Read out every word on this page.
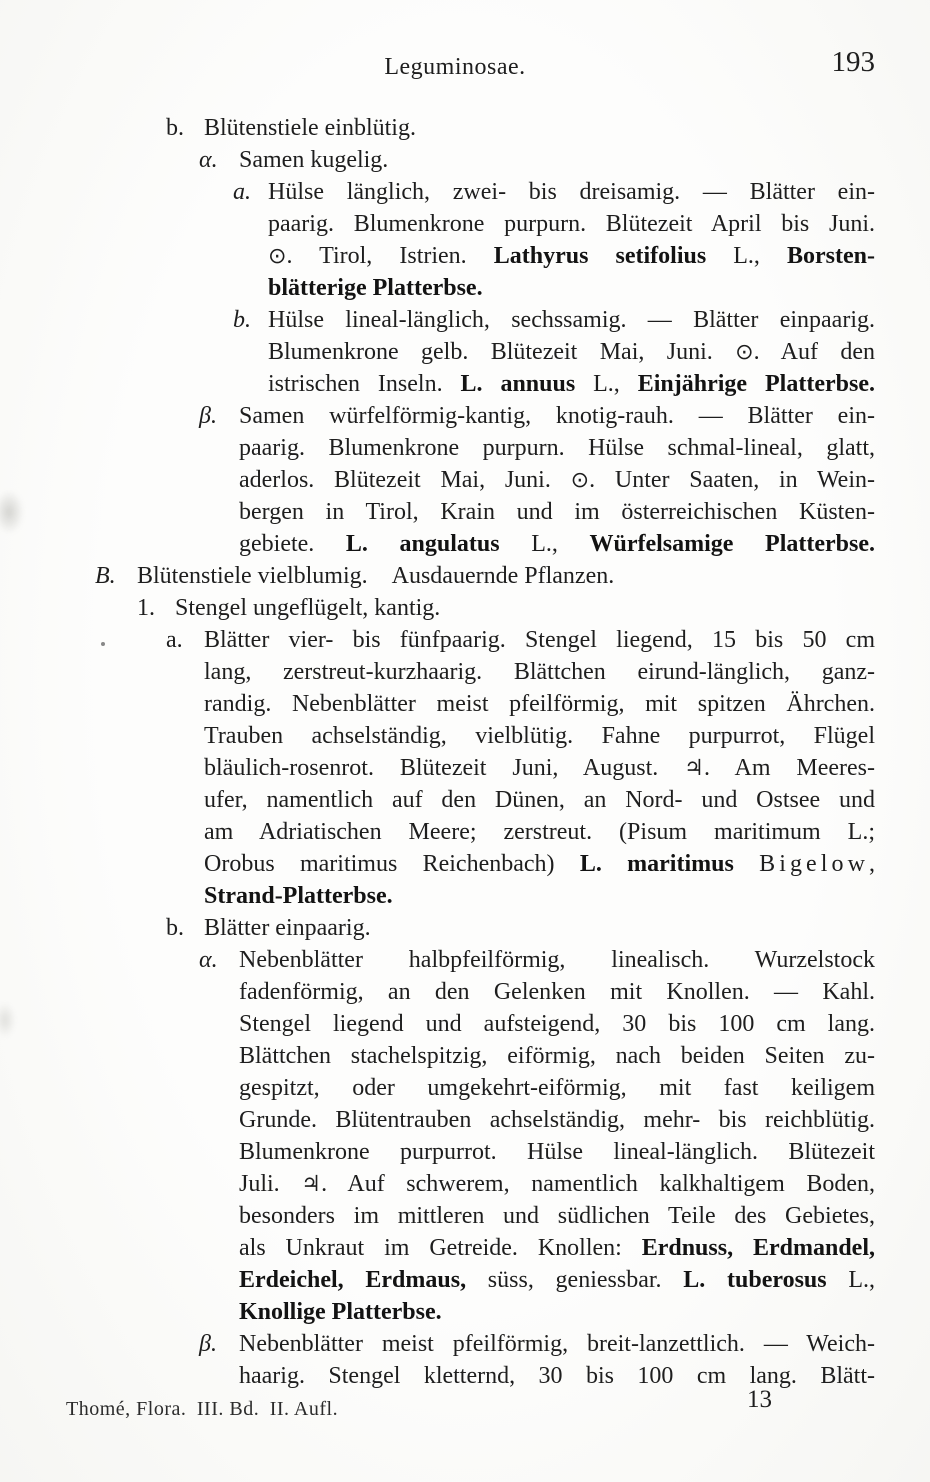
Leguminosae.	193
b. Blütenstiele einblütig.
α. Samen kugelig.
a. Hülse länglich, zwei- bis dreisamig. — Blätter ein-
paarig. Blumenkrone purpurn. Blütezeit April bis Juni.
⊙. Tirol, Istrien. Lathyrus setifolius L., Borsten-
blätterige Platterbse.
b. Hülse lineal-länglich, sechssamig. — Blätter einpaarig.
Blumenkrone gelb. Blütezeit Mai, Juni. ⊙. Auf den
istrischen Inseln. L. annuus L., Einjährige Platterbse.
β. Samen würfelförmig-kantig, knotig-rauh. — Blätter ein-
paarig. Blumenkrone purpurn. Hülse schmal-lineal, glatt,
aderlos. Blütezeit Mai, Juni. ⊙. Unter Saaten, in Wein-
bergen in Tirol, Krain und im österreichischen Küsten-
gebiete. L. angulatus L., Würfelsamige Platterbse.
B. Blütenstiele vielblumig. Ausdauernde Pflanzen.
1. Stengel ungeflügelt, kantig.
a. Blätter vier- bis fünfpaarig. Stengel liegend, 15 bis 50 cm
lang, zerstreut-kurzhaarig. Blättchen eirund-länglich, ganz-
randig. Nebenblätter meist pfeilförmig, mit spitzen Ährchen.
Trauben achselständig, vielblütig. Fahne purpurrot, Flügel
bläulich-rosenrot. Blütezeit Juni, August. ♃. Am Meeres-
ufer, namentlich auf den Dünen, an Nord- und Ostsee und
am Adriatischen Meere; zerstreut. (Pisum maritimum L.;
Orobus maritimus Reichenbach) L. maritimus Bigelow,
Strand-Platterbse.
b. Blätter einpaarig.
α. Nebenblätter halbpfeilförmig, linealisch. Wurzelstock
fadenförmig, an den Gelenken mit Knollen. — Kahl.
Stengel liegend und aufsteigend, 30 bis 100 cm lang.
Blättchen stachelspitzig, eiförmig, nach beiden Seiten zu-
gespitzt, oder umgekehrt-eiförmig, mit fast keiligem
Grunde. Blütentrauben achselständig, mehr- bis reichblütig.
Blumenkrone purpurrot. Hülse lineal-länglich. Blütezeit
Juli. ♃. Auf schwerem, namentlich kalkhaltigem Boden,
besonders im mittleren und südlichen Teile des Gebietes,
als Unkraut im Getreide. Knollen: Erdnuss, Erdmandel,
Erdeichel, Erdmaus, süss, geniessbar. L. tuberosus L.,
Knollige Platterbse.
β. Nebenblätter meist pfeilförmig, breit-lanzettlich. — Weich-
haarig. Stengel kletternd, 30 bis 100 cm lang. Blätt-
Thomé, Flora. III. Bd. II. Aufl.	13
